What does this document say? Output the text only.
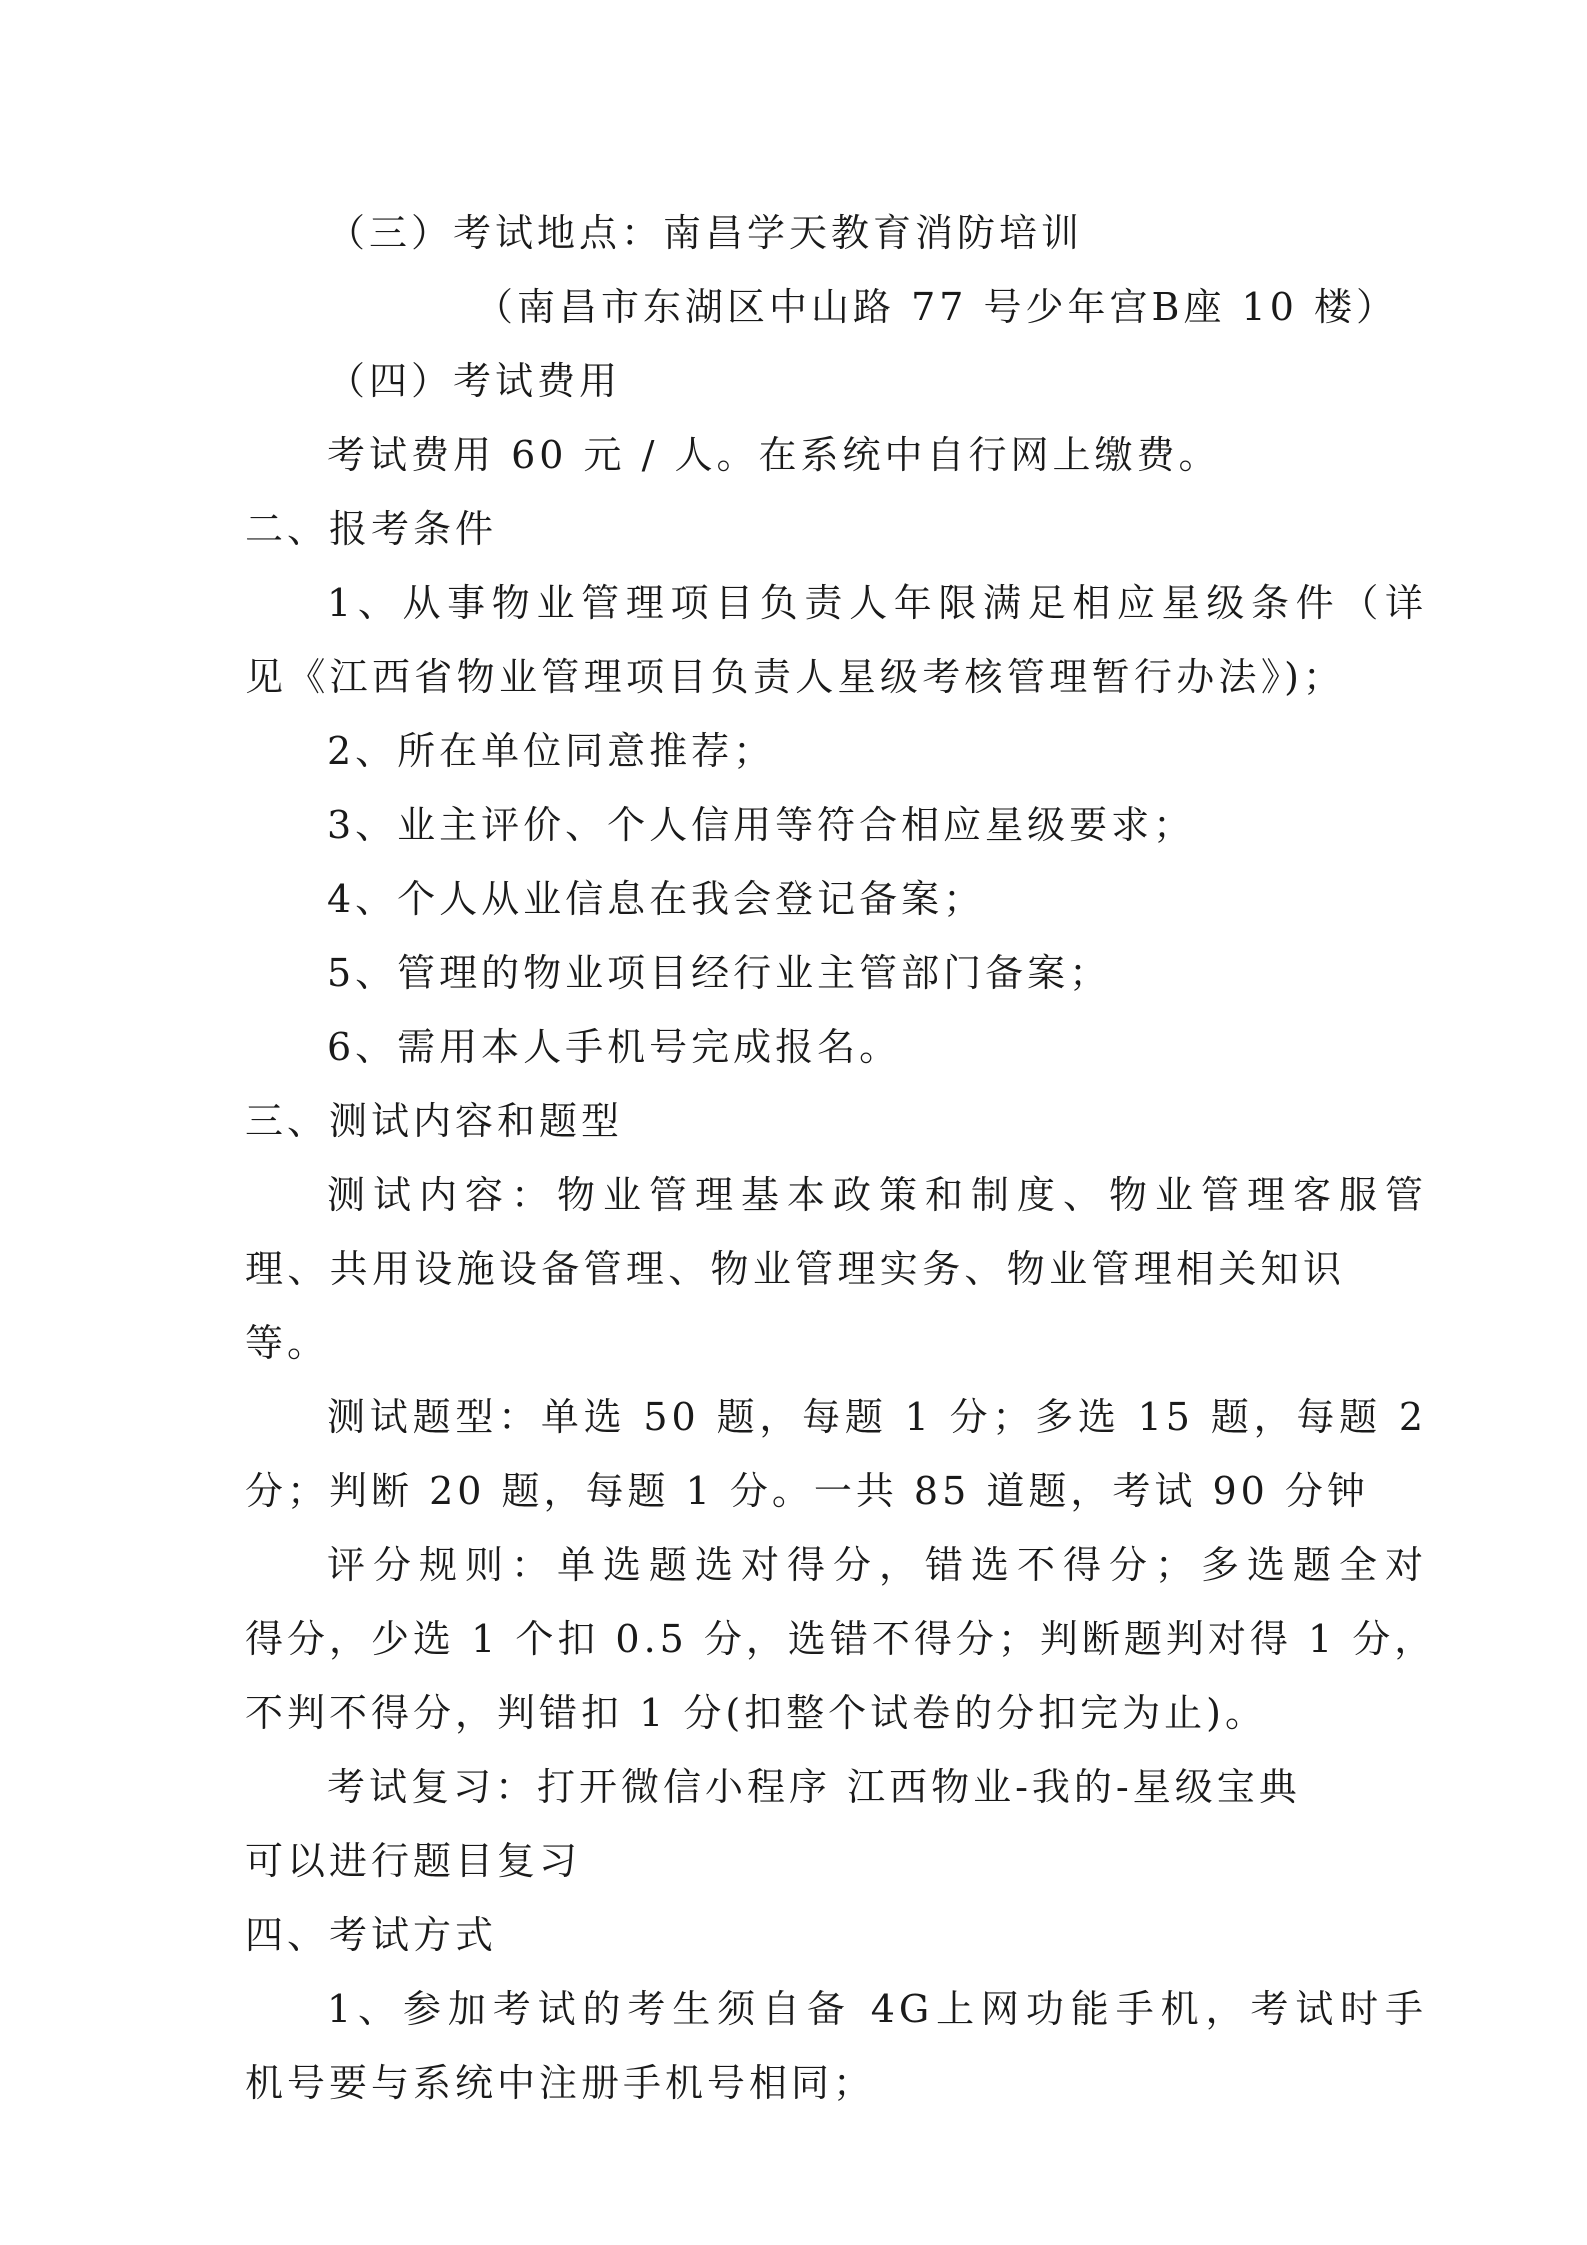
（三）考试地点：南昌学天教育消防培训
（南昌市东湖区中山路 77 号少年宫B座 10 楼）
（四）考试费用
考试费用 60 元 / 人。在系统中自行网上缴费。
二、报考条件
1、从事物业管理项目负责人年限满足相应星级条件（详
见《江西省物业管理项目负责人星级考核管理暂行办法》)；
2、所在单位同意推荐；
3、业主评价、个人信用等符合相应星级要求；
4、个人从业信息在我会登记备案；
5、管理的物业项目经行业主管部门备案；
6、需用本人手机号完成报名。
三、测试内容和题型
测试内容：物业管理基本政策和制度、物业管理客服管
理、共用设施设备管理、物业管理实务、物业管理相关知识
等。
测试题型：单选 50 题，每题 1 分；多选 15 题，每题 2
分；判断 20 题，每题 1 分。一共 85 道题，考试 90 分钟
评分规则：单选题选对得分，错选不得分；多选题全对
得分，少选 1 个扣 0.5 分，选错不得分；判断题判对得 1 分，
不判不得分，判错扣 1 分(扣整个试卷的分扣完为止)。
考试复习：打开微信小程序 江西物业-我的-星级宝典
可以进行题目复习
四、考试方式
1、参加考试的考生须自备 4G上网功能手机，考试时手
机号要与系统中注册手机号相同；
